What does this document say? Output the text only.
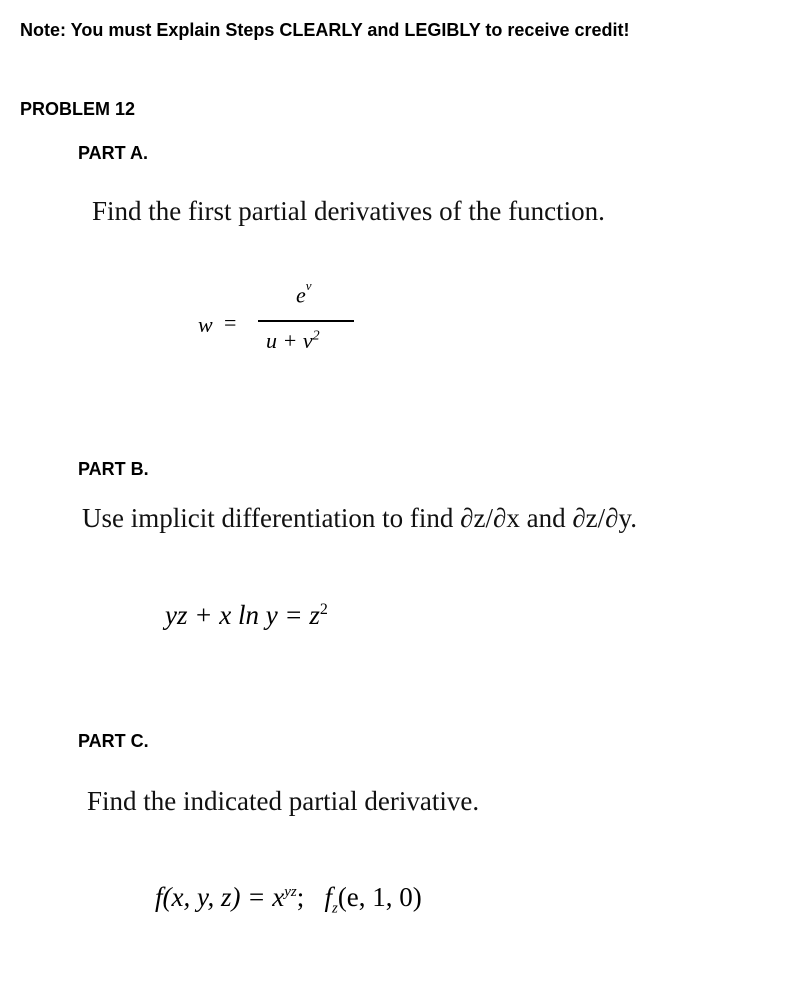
Note: You must Explain Steps CLEARLY and LEGIBLY to receive credit!
PROBLEM 12
PART A.
Find the first partial derivatives of the function.
w =
$e^v$
$u + v^2$
PART B.
Use implicit differentiation to find ∂z/∂x and ∂z/∂y.
yz + x $\ln y = z^2$
PART C.
Find the indicated partial derivative.
f(x, y, $z) = x^{yz}$; $f_z(e$, 1, 0)
